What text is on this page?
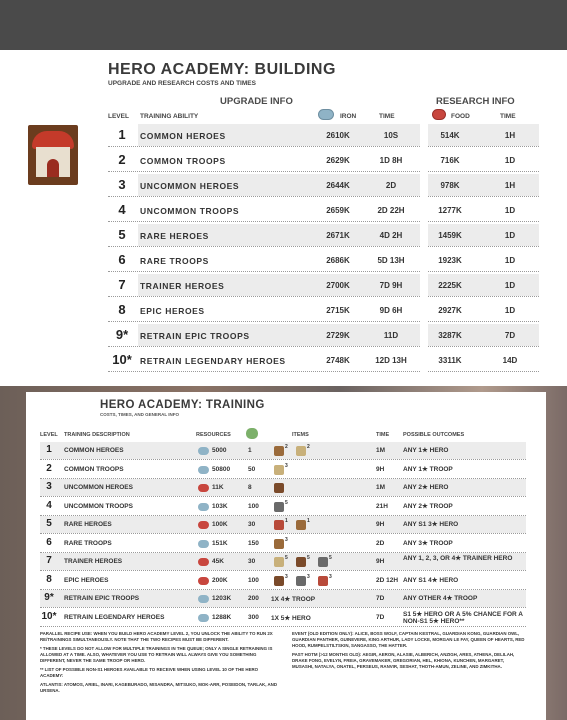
HERO ACADEMY: BUILDING
UPGRADE AND RESEARCH COSTS AND TIMES
UPGRADE INFO	RESEARCH INFO
LEVEL TRAINING ABILITY	IRON	TIME	FOOD	TIME
1	COMMON HEROES	2610K	10S	514K	1H
2	COMMON TROOPS	2629K	1D 8H	716K	1D
3	UNCOMMON HEROES	2644K	2D	978K	1H
4	UNCOMMON TROOPS	2659K	2D 22H	1277K	1D
5	RARE HEROES	2671K	4D 2H	1459K	1D
6	RARE TROOPS	2686K	5D 13H	1923K	1D
7	TRAINER HEROES	2700K	7D 9H	2225K	1D
8	EPIC HEROES	2715K	9D 6H	2927K	1D
9*	RETRAIN EPIC TROOPS	2729K	11D	3287K	7D
10* RETRAIN LEGENDARY HEROES	2748K	12D 13H	3311K	14D
HERO ACADEMY: TRAINING
COSTS, TIMES, AND GENERAL INFO
LEVEL TRAINING DESCRIPTION	RESOURCES	ITEMS	TIME	POSSIBLE OUTCOMES
1	COMMON HEROES	5000	1	2	2	1M	ANY 1★ HERO
2	COMMON TROOPS	50800	50	3	9H	ANY 1★ TROOP
3	UNCOMMON HEROES	11K	8	1M	ANY 2★ HERO
4	UNCOMMON TROOPS	103K	100	5	21H ANY 2★ TROOP
5	RARE HEROES	100K	30	1	1	9H	ANY S1 3★ HERO
6	RARE TROOPS	151K	150	3	2D	ANY 3★ TROOP
7	TRAINER HEROES	45K	30	5	5	5	9H	ANY 1, 2, 3, OR 4★ TRAINER HERO
8	EPIC HEROES	200K	100	3	3	3	2D 12H ANY S1 4★ HERO
9*	RETRAIN EPIC TROOPS	1203K	200 1X 4★ TROOP	7D	ANY OTHER 4★ TROOP
10* RETRAIN LEGENDARY HEROES	1288K	300 1X 5★ HERO	7D	S1 5★ HERO OR A 5% CHANCE FOR A NON-S1 5★ HERO**
PARALLEL RECIPE USE: WHEN YOU BUILD HERO ACADEMY LEVEL 2, YOU UNLOCK THE ABILITY TO RUN 2X RE/TRAININGS SIMULTANEOUSLY. NOTE THAT THE TWO RECIPES MUST BE DIFFERENT.
* THESE LEVELS DO NOT ALLOW FOR MULTIPLE TRAININGS IN THE QUEUE; ONLY A SINGLE RETRAINING IS ALLOWED AT A TIME. ALSO, WHATEVER YOU USE TO RETRAIN WILL ALWAYS GIVE YOU SOMETHING DIFFERENT, NEVER THE SAME TROOP OR HERO.
** LIST OF POSSIBLE NON-S1 HEROES AVAILABLE TO RECEIVE WHEN USING LEVEL 10 OF THE HERO ACADEMY:
ATLANTIS: ATOMOS, ARIEL, INARI, KAGEBURADO, MISANDRA, MITSUKO, MOK-ARR, POSEIDON, TARLAK, AND URSENA.
EVENT (OLD EDITION ONLY): ALICE, BOSS WOLF, CAPTAIN KESTRAL, GUARDIAN KONG, GUARDIAN OWL, GUARDIAN PANTHER, GUINEVERE, KING ARTHUR, LADY LOCKE, MORGAN LE FAY, QUEEN OF HEARTS, RED HOOD, RUMPELSTILTSKIN, SANGASSO, THE HATTER.
PAST HOTM (>12 MONTHS OLD): AEGIR, AERON, ALASIE, ALBERICH, ANZIGH, ARES, ATHENA, DELILAH, DRAKE FONG, EVELYN, FREIA, GRAVEMAKER, GREGORIAN, HEL, KHIONA, KUNCHEN, MARGARET, MUSASHI, NATALYA, ONATEL, PERSEUS, RANVIR, SESHAT, THOTH-AMUN, ZELINE, AND ZIMKITHA.
